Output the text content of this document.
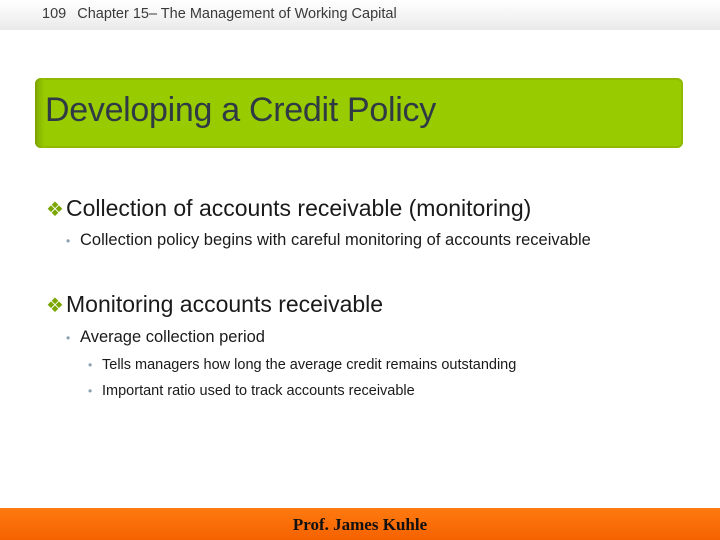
109 Chapter 15– The Management of Working Capital
Developing a Credit Policy
❖ Collection of accounts receivable (monitoring)
• Collection policy begins with careful monitoring of accounts receivable
❖ Monitoring accounts receivable
• Average collection period
• Tells managers how long the average credit remains outstanding
• Important ratio used to track accounts receivable
Prof. James Kuhle
